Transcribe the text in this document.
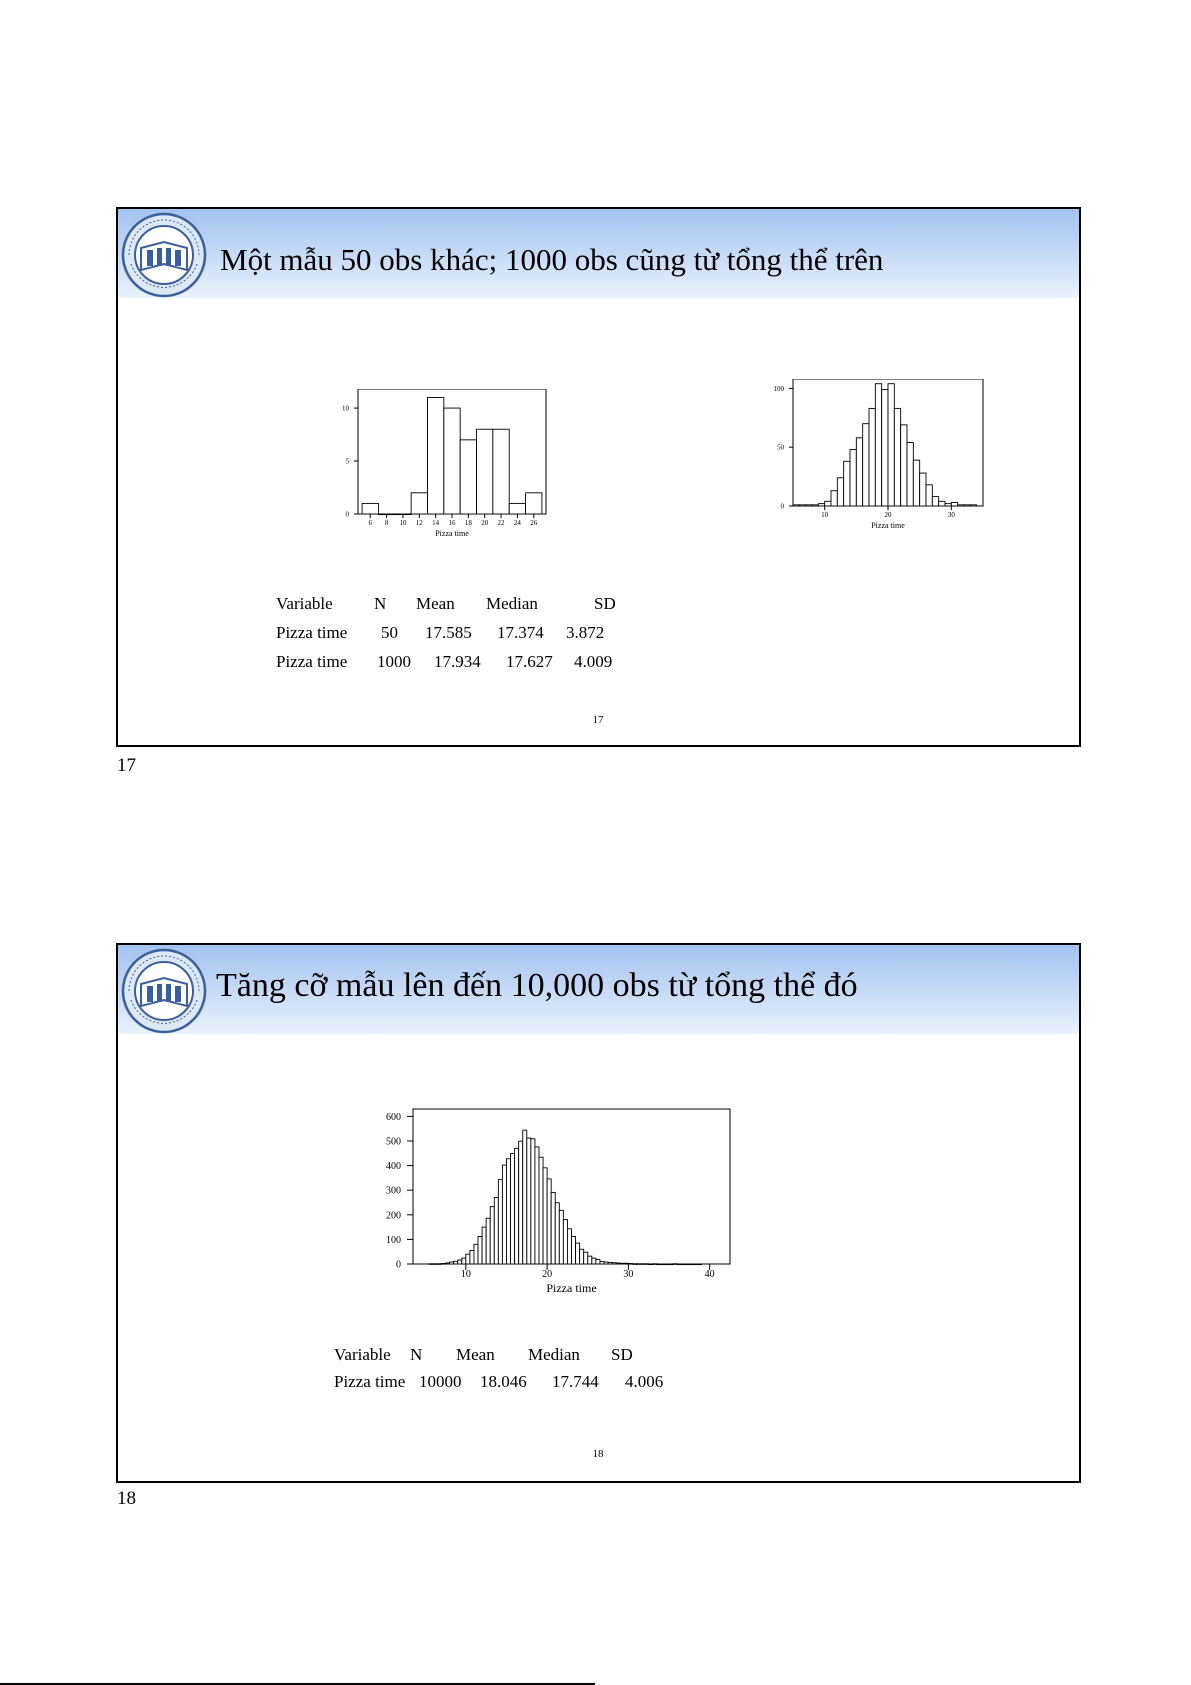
Một mẫu 50 obs khác; 1000 obs cũng từ tổng thể trên
0
5
10
6 8 10 12 14 16 18 20 22 24 26
Pizza time
0
50
100
10	20	30
Pizza time
Variable N Mean Median	SD
Pizza time 50 17.585 17.374 3.872
Pizza time 1000 17.934 17.627 4.009
17
17
Tăng cỡ mẫu lên đến 10,000 obs từ tổng thể đó
0
100
200
300
400
500
600
10	20	30	40
Pizza time
Variable N Mean Median SD
Pizza time 10000 18.046 17.744 4.006
18
18
